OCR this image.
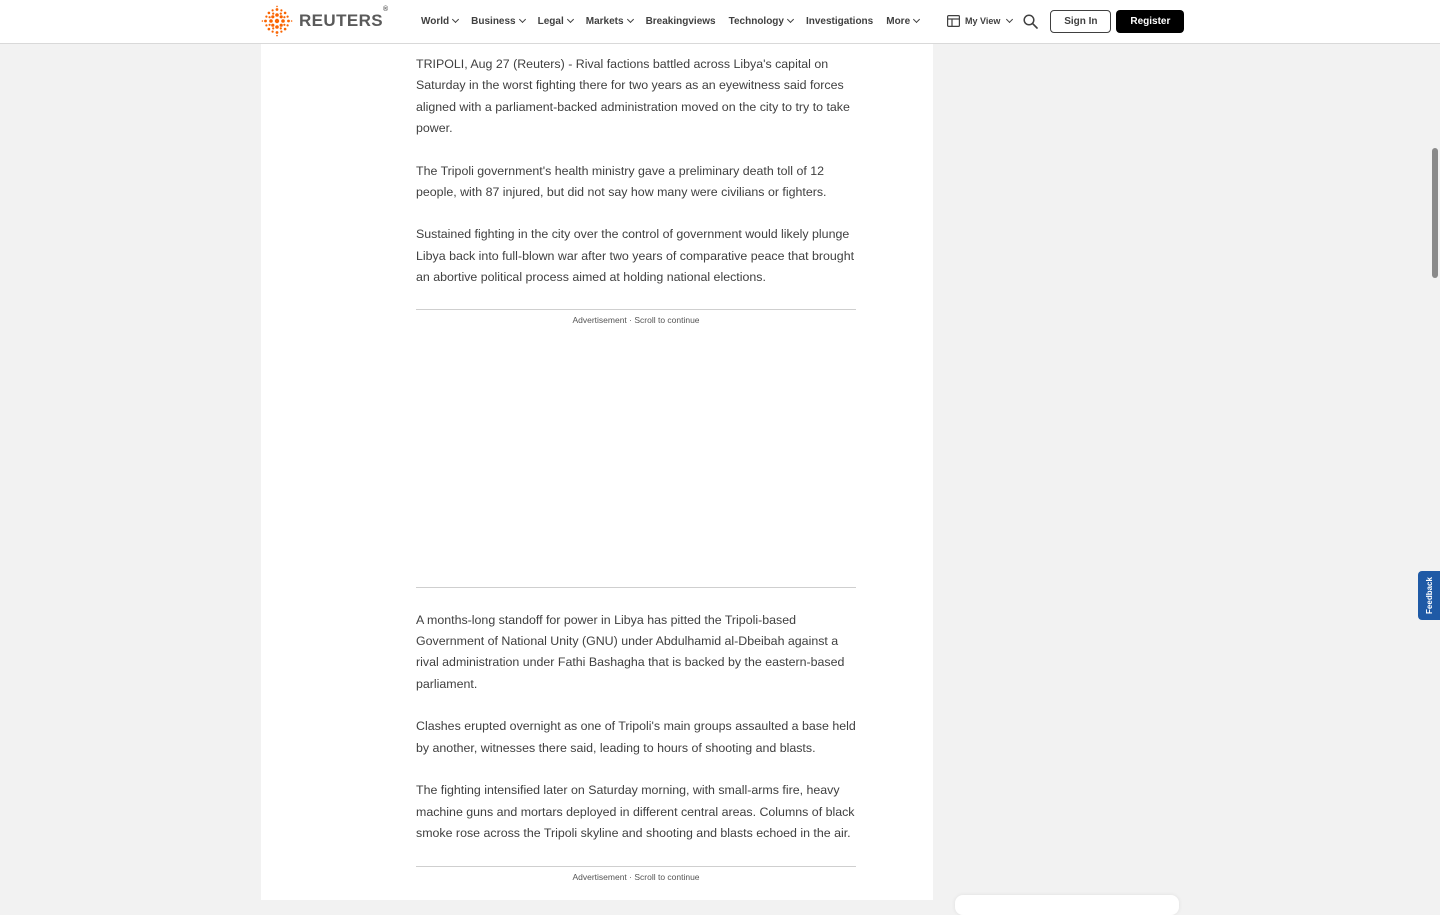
REUTERS®
World Business Legal Markets Breakingviews Technology Investigations More	My View	Sign In	Register

TRIPOLI, Aug 27 (Reuters) - Rival factions battled across Libya's capital on Saturday in the worst fighting there for two years as an eyewitness said forces aligned with a parliament-backed administration moved on the city to try to take power.

The Tripoli government's health ministry gave a preliminary death toll of 12 people, with 87 injured, but did not say how many were civilians or fighters.

Sustained fighting in the city over the control of government would likely plunge Libya back into full-blown war after two years of comparative peace that brought an abortive political process aimed at holding national elections.

Advertisement · Scroll to continue

A months-long standoff for power in Libya has pitted the Tripoli-based Government of National Unity (GNU) under Abdulhamid al-Dbeibah against a rival administration under Fathi Bashagha that is backed by the eastern-based parliament.

Clashes erupted overnight as one of Tripoli's main groups assaulted a base held by another, witnesses there said, leading to hours of shooting and blasts.

The fighting intensified later on Saturday morning, with small-arms fire, heavy machine guns and mortars deployed in different central areas. Columns of black smoke rose across the Tripoli skyline and shooting and blasts echoed in the air.

Advertisement · Scroll to continue
Feedback
